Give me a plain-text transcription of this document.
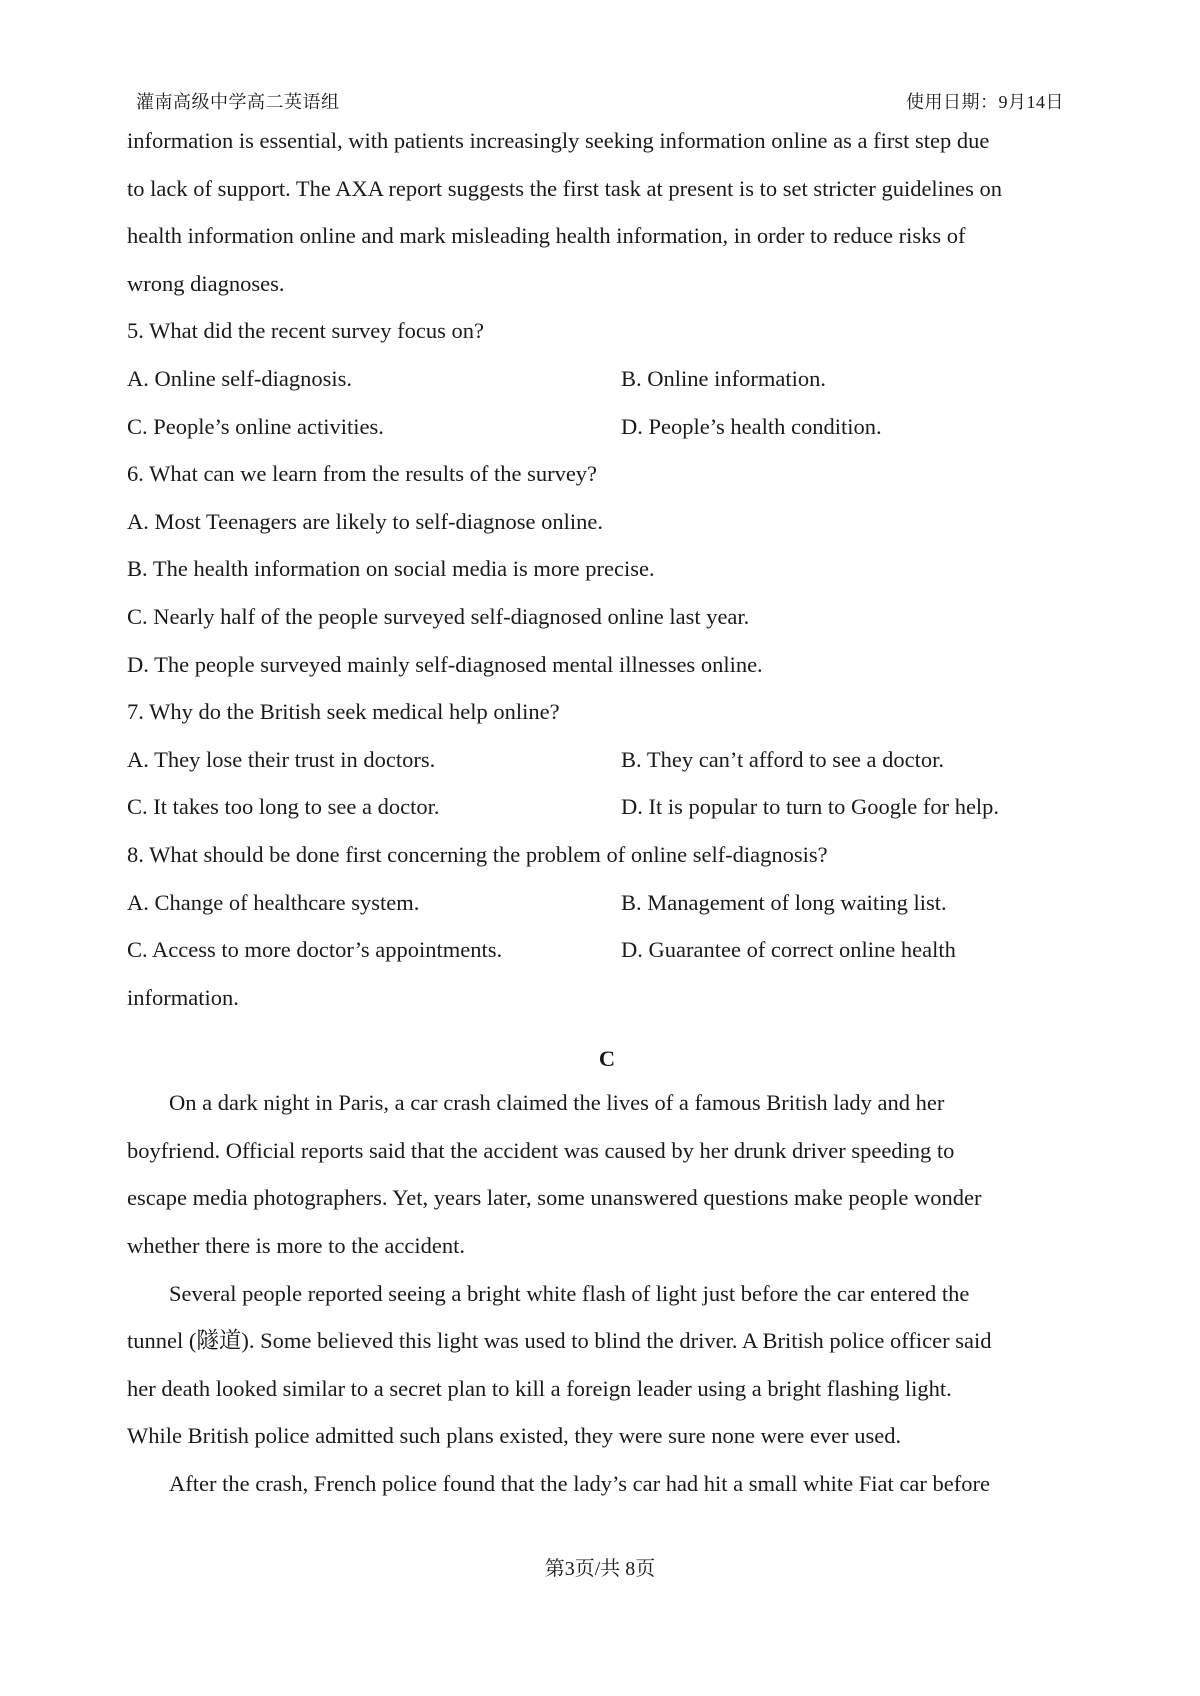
灌南高级中学高二英语组	使用日期：9月14日
information is essential, with patients increasingly seeking information online as a first step due
to lack of support. The AXA report suggests the first task at present is to set stricter guidelines on
health information online and mark misleading health information, in order to reduce risks of
wrong diagnoses.
5. What did the recent survey focus on?
A. Online self-diagnosis.	B. Online information.
C. People’s online activities.	D. People’s health condition.
6. What can we learn from the results of the survey?
A. Most Teenagers are likely to self-diagnose online.
B. The health information on social media is more precise.
C. Nearly half of the people surveyed self-diagnosed online last year.
D. The people surveyed mainly self-diagnosed mental illnesses online.
7. Why do the British seek medical help online?
A. They lose their trust in doctors.	B. They can’t afford to see a doctor.
C. It takes too long to see a doctor.	D. It is popular to turn to Google for help.
8. What should be done first concerning the problem of online self-diagnosis?
A. Change of healthcare system.	B. Management of long waiting list.
C. Access to more doctor’s appointments.	D. Guarantee of correct online health
information.
C
On a dark night in Paris, a car crash claimed the lives of a famous British lady and her
boyfriend. Official reports said that the accident was caused by her drunk driver speeding to
escape media photographers. Yet, years later, some unanswered questions make people wonder
whether there is more to the accident.
Several people reported seeing a bright white flash of light just before the car entered the
tunnel (隧道). Some believed this light was used to blind the driver. A British police officer said
her death looked similar to a secret plan to kill a foreign leader using a bright flashing light.
While British police admitted such plans existed, they were sure none were ever used.
After the crash, French police found that the lady’s car had hit a small white Fiat car before
第3页/共 8页
